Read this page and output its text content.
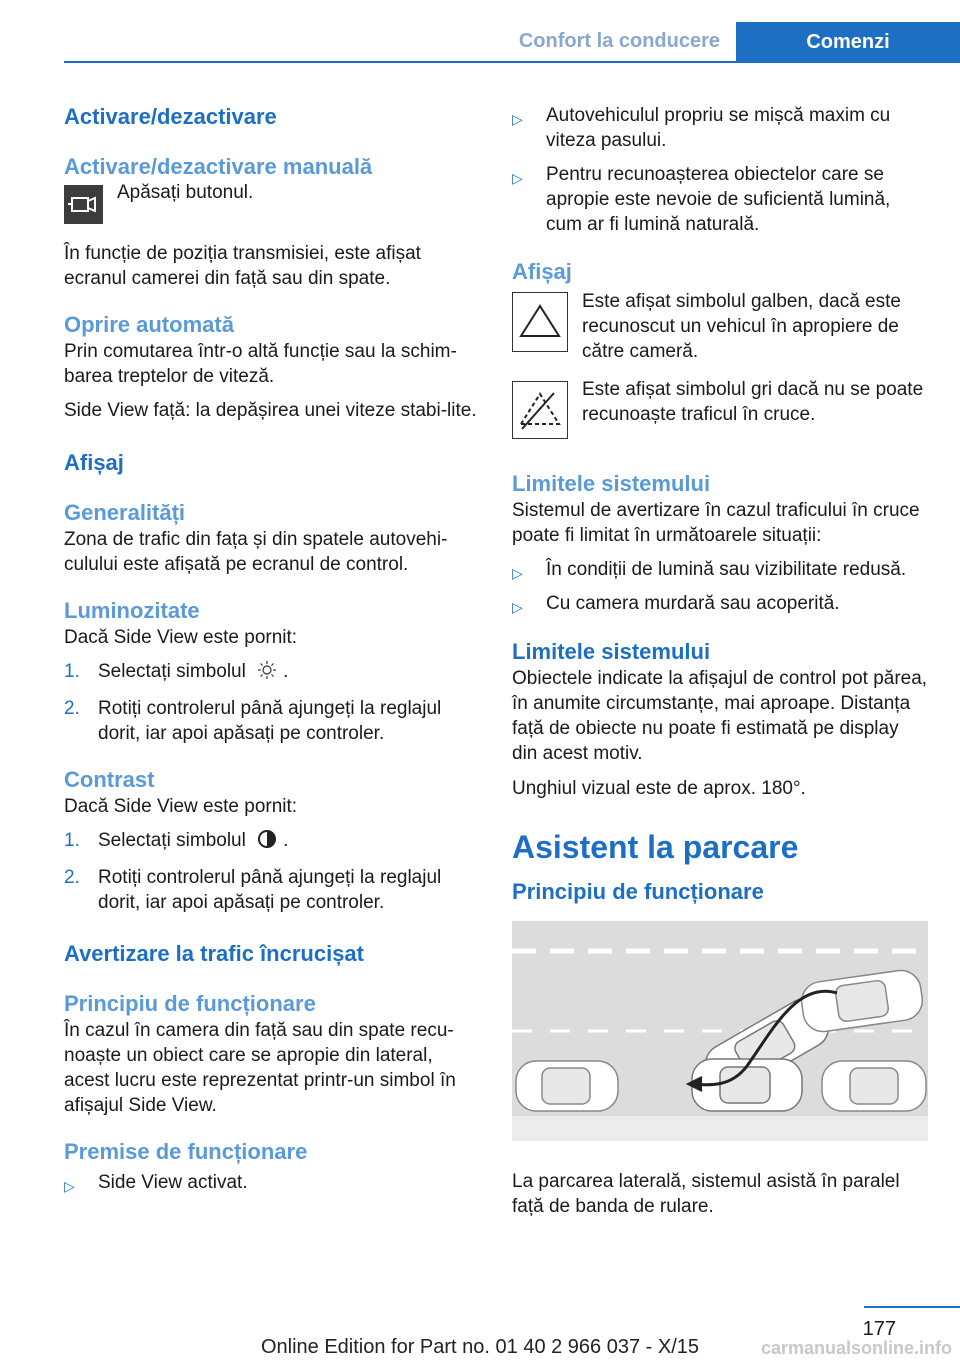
Confort la conducere	Comenzi
Activare/dezactivare
Activare/dezactivare manuală

Apăsați butonul.

În funcție de poziția transmisiei, este afișat ecranul camerei din față sau din spate.

Oprire automată

Prin comutarea într-o altă funcție sau la schim-barea treptelor de viteză.

Side View față: la depășirea unei viteze stabi-lite.

Afișaj
Generalități

Zona de trafic din fața și din spatele autovehi-culului este afișată pe ecranul de control.

Luminozitate

Dacă Side View este pornit:

1. Selectați simbolul .
2. Rotiți controlerul până ajungeți la reglajul dorit, iar apoi apăsați pe controler.
Contrast

Dacă Side View este pornit:

1. Selectați simbolul .
2. Rotiți controlerul până ajungeți la reglajul dorit, iar apoi apăsați pe controler.
Avertizare la trafic încrucișat
Principiu de funcționare

În cazul în camera din față sau din spate recu-noaște un obiect care se apropie din lateral, acest lucru este reprezentat printr-un simbol în afișajul Side View.

Premise de funcționare
▷ Side View activat.
▷ Autovehiculul propriu se mișcă maxim cu viteza pasului.
▷ Pentru recunoașterea obiectelor care se apropie este nevoie de suficientă lumină, cum ar fi lumină naturală.
Afișaj

Este afișat simbolul galben, dacă este recunoscut un vehicul în apropiere de către cameră.

Este afișat simbolul gri dacă nu se poate recunoaște traficul în cruce.

Limitele sistemului

Sistemul de avertizare în cazul traficului în cruce poate fi limitat în următoarele situații:

▷ În condiții de lumină sau vizibilitate redusă.
▷ Cu camera murdară sau acoperită.
Limitele sistemului

Obiectele indicate la afișajul de control pot părea, în anumite circumstanțe, mai aproape. Distanța față de obiecte nu poate fi estimată pe display din acest motiv.

Unghiul vizual este de aprox. 180°.

Asistent la parcare
Principiu de funcționare

La parcarea laterală, sistemul asistă în paralel față de banda de rulare.

177
Online Edition for Part no. 01 40 2 966 037 - X/15	carmanualsonline.info
